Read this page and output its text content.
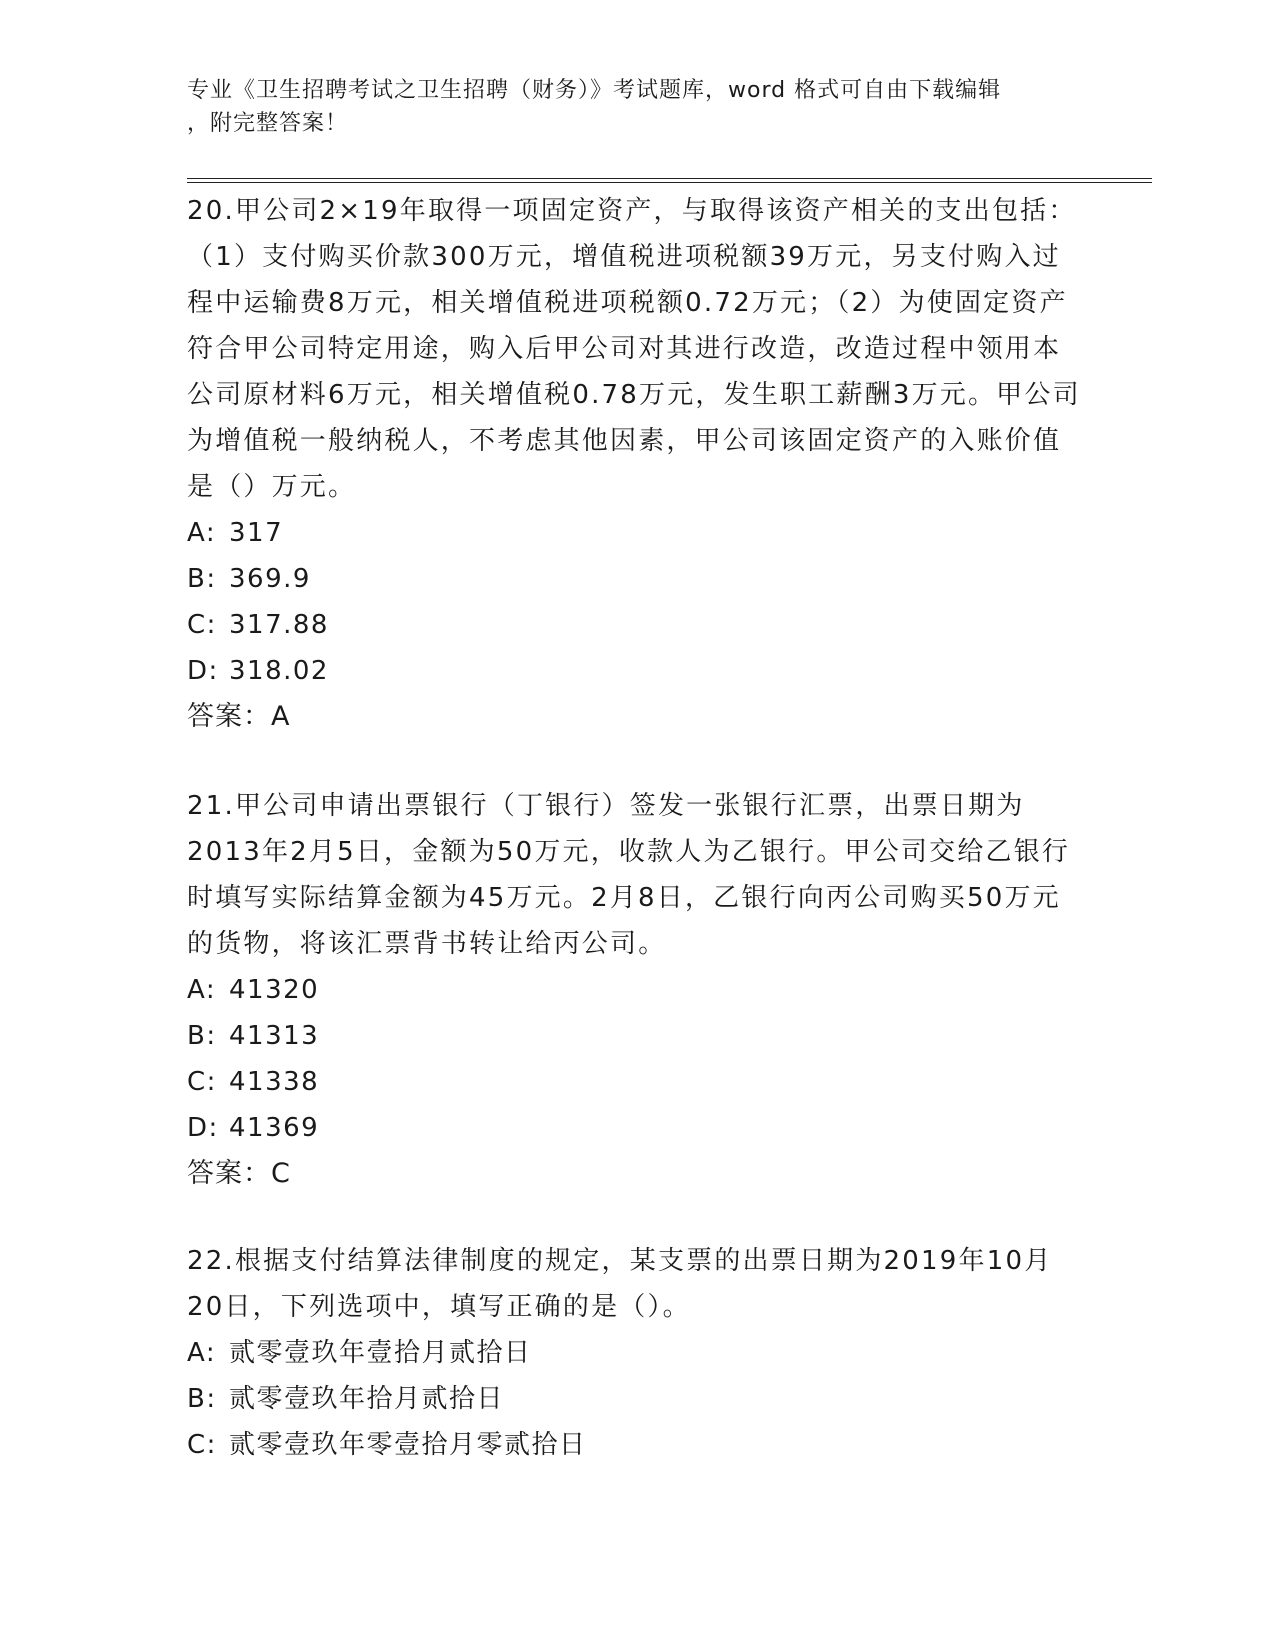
专业《卫生招聘考试之卫生招聘（财务）》考试题库，word 格式可自由下载编辑
，附完整答案！

20.甲公司2×19年取得一项固定资产，与取得该资产相关的支出包括：（1）支付购买价款300万元，增值税进项税额39万元，另支付购入过程中运输费8万元，相关增值税进项税额0.72万元；（2）为使固定资产符合甲公司特定用途，购入后甲公司对其进行改造，改造过程中领用本公司原材料6万元，相关增值税0.78万元，发生职工薪酬3万元。甲公司为增值税一般纳税人，不考虑其他因素，甲公司该固定资产的入账价值是（）万元。

A: 317

B: 369.9

C: 317.88

D: 318.02

答案：A

21.甲公司申请出票银行（丁银行）签发一张银行汇票，出票日期为2013年2月5日，金额为50万元，收款人为乙银行。甲公司交给乙银行时填写实际结算金额为45万元。2月8日，乙银行向丙公司购买50万元的货物，将该汇票背书转让给丙公司。

A: 41320

B: 41313

C: 41338

D: 41369

答案：C

22.根据支付结算法律制度的规定，某支票的出票日期为2019年10月20日，下列选项中，填写正确的是（）。

A: 贰零壹玖年壹拾月贰拾日

B: 贰零壹玖年拾月贰拾日

C: 贰零壹玖年零壹拾月零贰拾日
